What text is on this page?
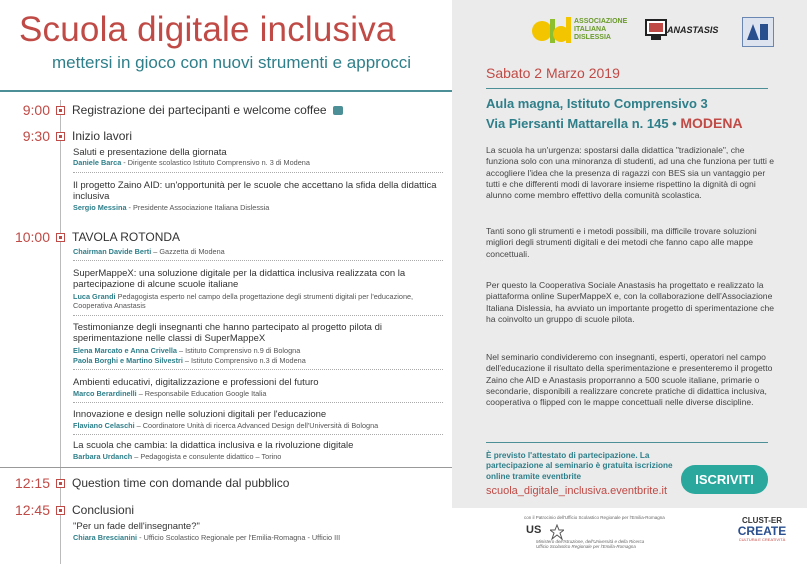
Scuola digitale inclusiva
mettersi in gioco con nuovi strumenti e approcci
9:00 Registrazione dei partecipanti e welcome coffee
9:30 Inizio lavori
Saluti e presentazione della giornata
Daniele Barca - Dirigente scolastico Istituto Comprensivo n. 3 di Modena
Il progetto Zaino AID: un'opportunità per le scuole che accettano la sfida della didattica inclusiva
Sergio Messina - Presidente Associazione Italiana Dislessia
10:00 TAVOLA ROTONDA
Chairman Davide Berti – Gazzetta di Modena
SuperMappeX: una soluzione digitale per la didattica inclusiva realizzata con la partecipazione di alcune scuole italiane
Luca Grandi Pedagogista esperto nel campo della progettazione degli strumenti digitali per l'educazione, Cooperativa Anastasis
Testimonianze degli insegnanti che hanno partecipato al progetto pilota di sperimentazione nelle classi di SuperMappeX
Elena Marcato e Anna Crivella – Istituto Comprensivo n.9 di Bologna
Paola Borghi e Martino Silvestri – Istituto Comprensivo n.3 di Modena
Ambienti educativi, digitalizzazione e professioni del futuro
Marco Berardinelli – Responsabile Education Google Italia
Innovazione e design nelle soluzioni digitali per l'educazione
Flaviano Celaschi – Coordinatore Unità di ricerca Advanced Design dell'Università di Bologna
La scuola che cambia: la didattica inclusiva e la rivoluzione digitale
Barbara Urdanch – Pedagogista e consulente didattico – Torino
12:15 Question time con domande dal pubblico
12:45 Conclusioni
"Per un fade dell'insegnante?"
Chiara Brescianini - Ufficio Scolastico Regionale per l'Emilia-Romagna - Ufficio III
ASSOCIAZIONE
ITALIANA
DISLESSIA
ANASTASIS
Sabato 2 Marzo 2019
Aula magna, Istituto Comprensivo 3
Via Piersanti Mattarella n. 145 • MODENA
La scuola ha un'urgenza: spostarsi dalla didattica "tradizionale", che funziona solo con una minoranza di studenti, ad una che funziona per tutti e accogliere l'idea che la presenza di ragazzi con BES sia un vantaggio per tutti e che differenti modi di lavorare insieme rispettino la dignità di ogni alunno come membro effettivo della comunità scolastica.
Tanti sono gli strumenti e i metodi possibili, ma difficile trovare soluzioni migliori degli strumenti digitali e dei metodi che fanno capo alle mappe concettuali.
Per questo la Cooperativa Sociale Anastasis ha progettato e realizzato la piattaforma online SuperMappeX e, con la collaborazione dell'Associazione Italiana Dislessia, ha avviato un importante progetto di sperimentazione che ha coinvolto un gruppo di scuole pilota.
Nel seminario condivideremo con insegnanti, esperti, operatori nel campo dell'educazione il risultato della sperimentazione e presenteremo il progetto Zaino che AID e Anastasis proporranno a 500 scuole italiane, primarie o secondarie, disponibili a realizzare concrete pratiche di didattica inclusiva, cooperativa o flipped con le mappe concettuali nelle diverse discipline.
È previsto l'attestato di partecipazione. La partecipazione al seminario è gratuita iscrizione online tramite eventbrite
scuola_digitale_inclusiva.eventbrite.it
ISCRIVITI
con il Patrocinio dell'Ufficio Scolastico Regionale per l'Emilia-Romagna
US
Ministero dell'Istruzione, dell'Università e della Ricerca Ufficio Scolastico Regionale per l'Emilia-Romagna
CLUST-ER
CREATE
CULTURA E CREATIVITÀ
